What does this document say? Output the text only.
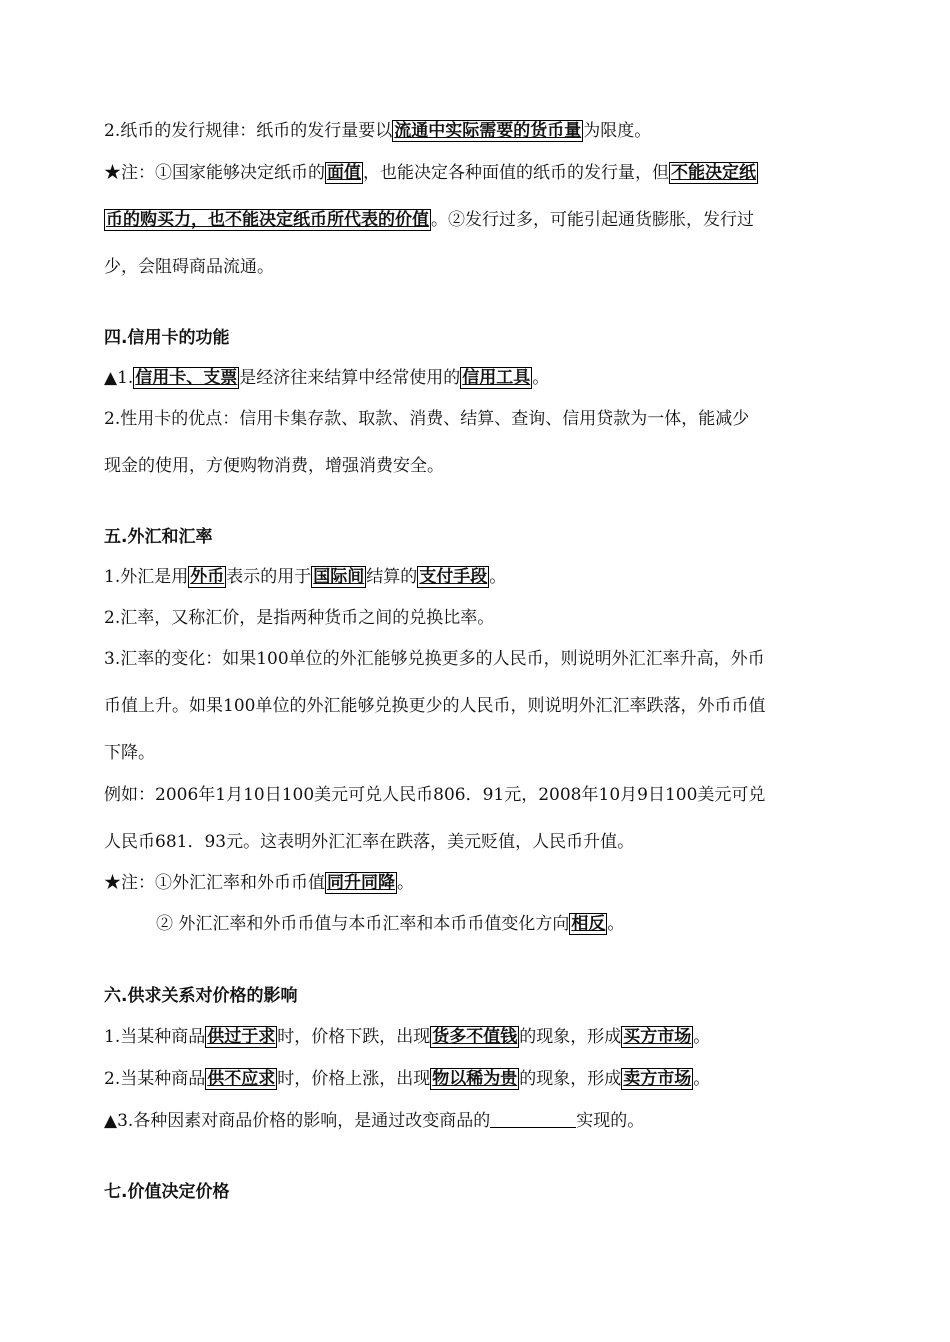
2.纸币的发行规律：纸币的发行量要以 流通中实际需要的货币量 为限度。
★注：①国家能够决定纸币的 面值 ，也能决定各种面值的纸币的发行量，但 不能决定纸
币的购买力，也不能决定纸币所代表的价值 。②发行过多，可能引起通货膨胀，发行过
少，会阻碍商品流通。
四.信用卡的功能
▲1. 信用卡、支票 是经济往来结算中经常使用的 信用工具 。
2.性用卡的优点：信用卡集存款、取款、消费、结算、查询、信用贷款为一体，能减少
现金的使用，方便购物消费，增强消费安全。
五.外汇和汇率
1.外汇是用 外币 表示的用于 国际间 结算的 支付手段 。
2.汇率，又称汇价，是指两种货币之间的兑换比率。
3.汇率的变化：如果100单位的外汇能够兑换更多的人民币，则说明外汇汇率升高，外币
币值上升。如果100单位的外汇能够兑换更少的人民币，则说明外汇汇率跌落，外币币值
下降。
例如：2006年1月10日100美元可兑人民币806．91元，2008年10月9日100美元可兑
人民币681．93元。这表明外汇汇率在跌落，美元贬值，人民币升值。
★注：①外汇汇率和外币币值 同升同降 。
② 外汇汇率和外币币值与本币汇率和本币币值变化方向 相反 。
六.供求关系对价格的影响
1.当某种商品 供过于求 时，价格下跌，出现 货多不值钱 的现象，形成 买方市场 。
2.当某种商品 供不应求 时，价格上涨，出现 物以稀为贵 的现象，形成 卖方市场 。
▲3.各种因素对商品价格的影响，是通过改变商品的	实现的。
七.价值决定价格
